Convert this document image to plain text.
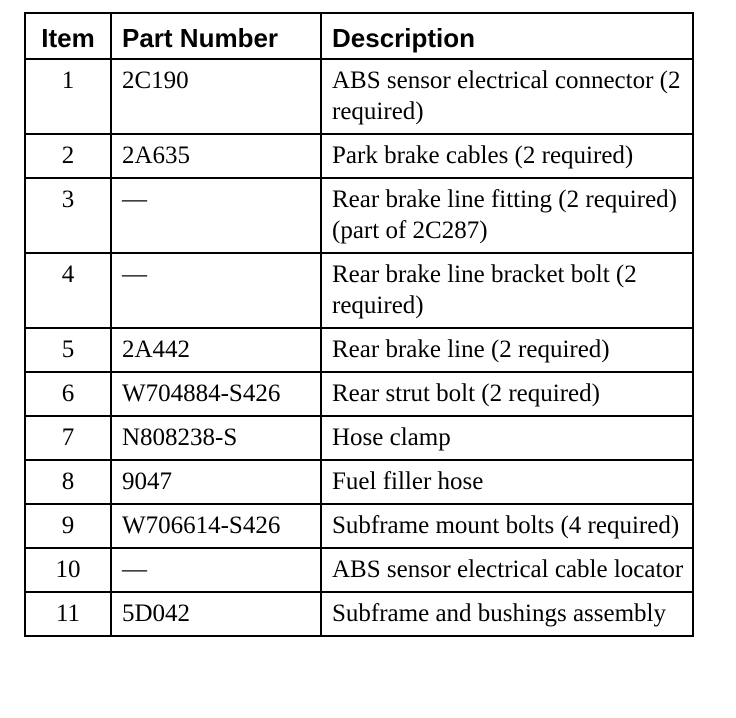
Item	Part Number	Description
1	2C190	ABS sensor electrical connector (2 required)
2	2A635	Park brake cables (2 required)
3	—	Rear brake line fitting (2 required) (part of 2C287)
4	—	Rear brake line bracket bolt (2 required)
5	2A442	Rear brake line (2 required)
6	W704884-S426	Rear strut bolt (2 required)
7	N808238-S	Hose clamp
8	9047	Fuel filler hose
9	W706614-S426	Subframe mount bolts (4 required)
10	—	ABS sensor electrical cable locator
11	5D042	Subframe and bushings assembly
